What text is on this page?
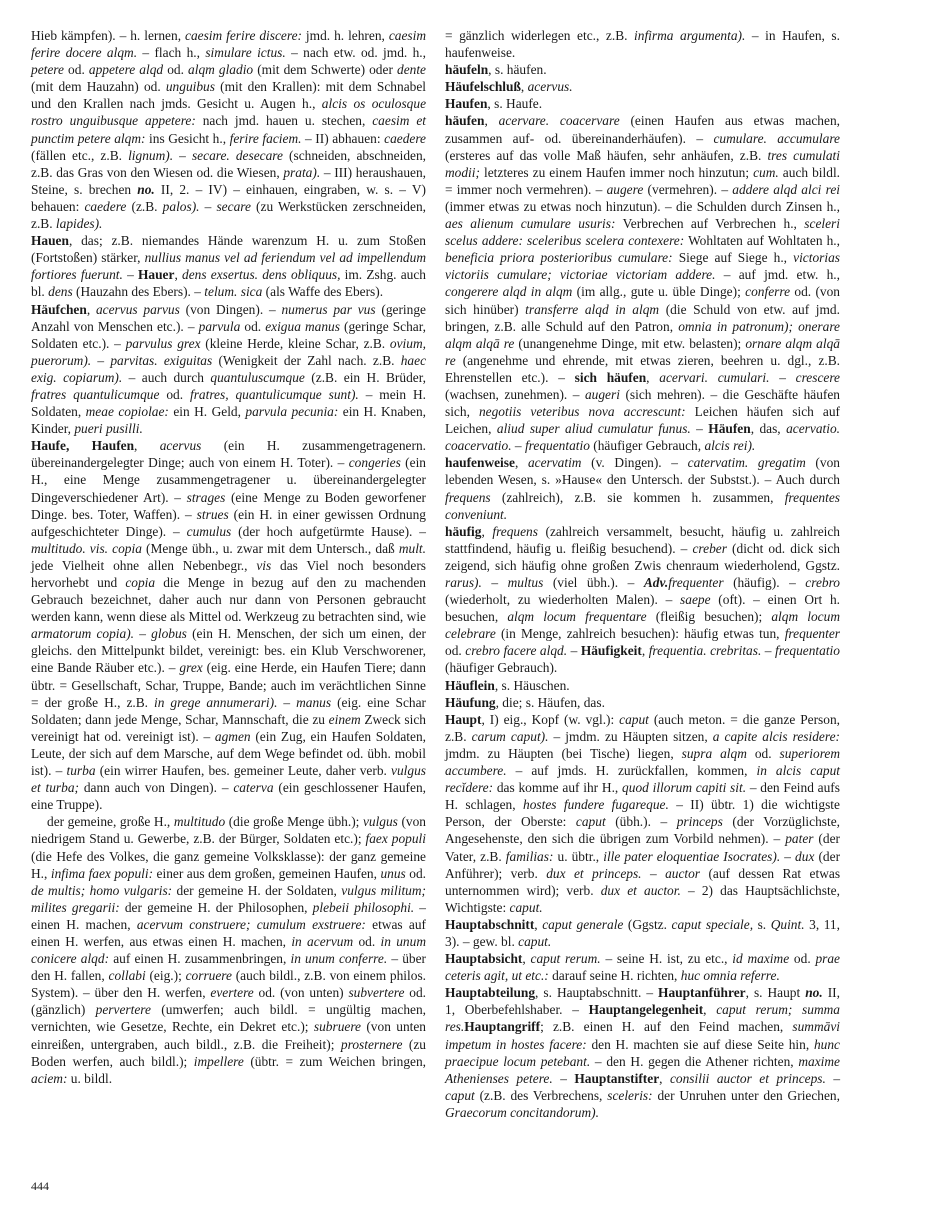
Hieb kämpfen). – h. lernen, caesim ferire discere: jmd. h. lehren, caesim ferire docere alqm. – flach h., simulare ictus. – nach etw. od. jmd. h., petere od. appetere alqd od. alqm gladio (mit dem Schwerte) oder dente (mit dem Hauzahn) od. unguibus (mit den Krallen): mit dem Schnabel und den Krallen nach jmds. Gesicht u. Augen h., alcis os oculosque rostro unguibusque appetere: nach jmd. hauen u. stechen, caesim et punctim petere alqm: ins Gesicht h., ferire faciem. – II) abhauen: caedere (fällen etc., z.B. lignum). – secare. desecare (schneiden, abschneiden, z.B. das Gras von den Wiesen od. die Wiesen, prata). – III) heraushauen, Steine, s. brechen no. II, 2. – IV) – einhauen, eingraben, w. s. – V) behauen: caedere (z.B. palos). – secare (zu Werkstücken zerschneiden, z.B. lapides).

Hauen, das; z.B. niemandes Hände warenzum H. u. zum Stoßen (Fortstoßen) stärker, nullius manus vel ad feriendum vel ad impellendum fortiores fuerunt. – Hauer, dens exsertus. dens obliquus, im. Zshg. auch bl. dens (Hauzahn des Ebers). – telum. sica (als Waffe des Ebers).

Häufchen, acervus parvus (von Dingen). – numerus par vus (geringe Anzahl von Menschen etc.). – parvula od. exigua manus (geringe Schar, Soldaten etc.). – parvulus grex (kleine Herde, kleine Schar, z.B. ovium, puerorum). – parvitas. exiguitas (Wenigkeit der Zahl nach. z.B. haec exig. copiarum). – auch durch quantuluscumque (z.B. ein H. Brüder, fratres quantulicumque od. fratres, quantulicumque sunt). – mein H. Soldaten, meae copiolae: ein H. Geld, parvula pecunia: ein H. Knaben, Kinder, pueri pusilli.

Haufe, Haufen, acervus (ein H. zusammengetragenern. übereinandergelegter Dinge; auch von einem H. Toter). – congeries (ein H., eine Menge zusammengetragener u. übereinandergelegter Dingeverschiedener Art). – strages (eine Menge zu Boden geworfener Dinge. bes. Toter, Waffen). – strues (ein H. in einer gewissen Ordnung aufgeschichteter Dinge). – cumulus (der hoch aufgetürmte Hause). – multitudo. vis. copia (Menge übh., u. zwar mit dem Untersch., daß mult. jede Vielheit ohne allen Nebenbegr., vis das Viel noch besonders hervorhebt und copia die Menge in bezug auf den zu machenden Gebrauch bezeichnet, daher auch nur dann von Personen gebraucht werden kann, wenn diese als Mittel od. Werkzeug zu betrachten sind, wie armatorum copia). – globus (ein H. Menschen, der sich um einen, der gleichs. den Mittelpunkt bildet, vereinigt: bes. ein Klub Verschworener, eine Bande Räuber etc.). – grex (eig. eine Herde, ein Haufen Tiere; dann übtr. = Gesellschaft, Schar, Truppe, Bande; auch im verächtlichen Sinne = der große H., z.B. in grege annumerari). – manus (eig. eine Schar Soldaten; dann jede Menge, Schar, Mannschaft, die zu einem Zweck sich vereinigt hat od. vereinigt ist). – agmen (ein Zug, ein Haufen Soldaten, Leute, der sich auf dem Marsche, auf dem Wege befindet od. übh. mobil ist). – turba (ein wirrer Haufen, bes. gemeiner Leute, daher verb. vulgus et turba; dann auch von Dingen). – caterva (ein geschlossener Haufen, eine Truppe).

der gemeine, große H., multitudo (die große Menge übh.); vulgus (von niedrigem Stand u. Gewerbe, z.B. der Bürger, Soldaten etc.); faex populi (die Hefe des Volkes, die ganz gemeine Volksklasse): der ganz gemeine H., infima faex populi: einer aus dem großen, gemeinen Haufen, unus od. de multis; homo vulgaris: der gemeine H. der Soldaten, vulgus militum; milites gregarii: der gemeine H. der Philosophen, plebeii philosophi. – einen H. machen, acervum construere; cumulum exstruere: etwas auf einen H. werfen, aus etwas einen H. machen, in acervum od. in unum conicere alqd: auf einen H. zusammenbringen, in unum conferre. – über den H. fallen, collabi (eig.); corruere (auch bildl., z.B. von einem philos. System). – über den H. werfen, evertere od. (von unten) subvertere od. (gänzlich) pervertere (umwerfen; auch bildl. = ungültig machen, vernichten, wie Gesetze, Rechte, ein Dekret etc.); subruere (von unten einreißen, untergraben, auch bildl., z.B. die Freiheit); prosternere (zu Boden werfen, auch bildl.); impellere (übtr. = zum Weichen bringen, aciem: u. bildl.

= gänzlich widerlegen etc., z.B. infirma argumenta). – in Haufen, s. haufenweise.

häufeln, s. häufen.

Häufelschluß, acervus.

Haufen, s. Haufe.

häufen, acervare. coacervare (einen Haufen aus etwas machen, zusammen auf- od. übereinanderhäufen). – cumulare. accumulare (ersteres auf das volle Maß häufen, sehr anhäufen, z.B. tres cumulati modii; letzteres zu einem Haufen immer noch hinzutun; cum. auch bildl. = immer noch vermehren). – augere (vermehren). – addere alqd alci rei (immer etwas zu etwas noch hinzutun). – die Schulden durch Zinsen h., aes alienum cumulare usuris: Verbrechen auf Verbrechen h., sceleri scelus addere: sceleribus scelera contexere: Wohltaten auf Wohltaten h., beneficia priora posterioribus cumulare: Siege auf Siege h., victorias victoriis cumulare; victoriae victoriam addere. – auf jmd. etw. h., congerere alqd in alqm (im allg., gute u. üble Dinge); conferre od. (von sich hinüber) transferre alqd in alqm (die Schuld von etw. auf jmd. bringen, z.B. alle Schuld auf den Patron, omnia in patronum); onerare alqm alqā re (unangenehme Dinge, mit etw. belasten); ornare alqm alqā re (angenehme und ehrende, mit etwas zieren, beehren u. dgl., z.B. Ehrenstellen etc.). – sich häufen, acervari. cumulari. – crescere (wachsen, zunehmen). – augeri (sich mehren). – die Geschäfte häufen sich, negotiis veteribus nova accrescunt: Leichen häufen sich auf Leichen, aliud super aliud cumulatur funus. – Häufen, das, acervatio. coacervatio. – frequentatio (häufiger Gebrauch, alcis rei).

haufenweise, acervatim (v. Dingen). – catervatim. gregatim (von lebenden Wesen, s. »Hause« den Untersch. der Substst.). – Auch durch frequens (zahlreich), z.B. sie kommen h. zusammen, frequentes conveniunt.

häufig, frequens (zahlreich versammelt, besucht, häufig u. zahlreich stattfindend, häufig u. fleißig besuchend). – creber (dicht od. dick sich zeigend, sich häufig ohne großen Zwis chenraum wiederholend, Ggstz. rarus). – multus (viel übh.). – Adv.frequenter (häufig). – crebro (wiederholt, zu wiederholten Malen). – saepe (oft). – einen Ort h. besuchen, alqm locum frequentare (fleißig besuchen); alqm locum celebrare (in Menge, zahlreich besuchen): häufig etwas tun, frequenter od. crebro facere alqd. – Häufigkeit, frequentia. crebritas. – frequentatio (häufiger Gebrauch).

Häuflein, s. Häuschen.

Häufung, die; s. Häufen, das.

Haupt, I) eig., Kopf (w. vgl.): caput (auch meton. = die ganze Person, z.B. carum caput). – jmdm. zu Häupten sitzen, a capite alcis residere: jmdm. zu Häupten (bei Tische) liegen, supra alqm od. superiorem accumbere. – auf jmds. H. zurückfallen, kommen, in alcis caput recĭdere: das komme auf ihr H., quod illorum capiti sit. – den Feind aufs H. schlagen, hostes fundere fugareque. – II) übtr. 1) die wichtigste Person, der Oberste: caput (übh.). – princeps (der Vorzüglichste, Angesehenste, den sich die übrigen zum Vorbild nehmen). – pater (der Vater, z.B. familias: u. übtr., ille pater eloquentiae Isocrates). – dux (der Anführer); verb. dux et princeps. – auctor (auf dessen Rat etwas unternommen wird); verb. dux et auctor. – 2) das Hauptsächlichste, Wichtigste: caput.

Hauptabschnitt, caput generale (Ggstz. caput speciale, s. Quint. 3, 11, 3). – gew. bl. caput.

Hauptabsicht, caput rerum. – seine H. ist, zu etc., id maxime od. prae ceteris agit, ut etc.: darauf seine H. richten, huc omnia referre.

Hauptabteilung, s. Hauptabschnitt. – Hauptanführer, s. Haupt no. II, 1, Oberbefehlshaber. – Hauptangelegenheit, caput rerum; summa res.Hauptangriff; z.B. einen H. auf den Feind machen, summāvi impetum in hostes facere: den H. machten sie auf diese Seite hin, hunc praecipue locum petebant. – den H. gegen die Athener richten, maxime Athenienses petere. – Hauptanstifter, consilii auctor et princeps. – caput (z.B. des Verbrechens, sceleris: der Unruhen unter den Griechen, Graecorum concitandorum).

444
